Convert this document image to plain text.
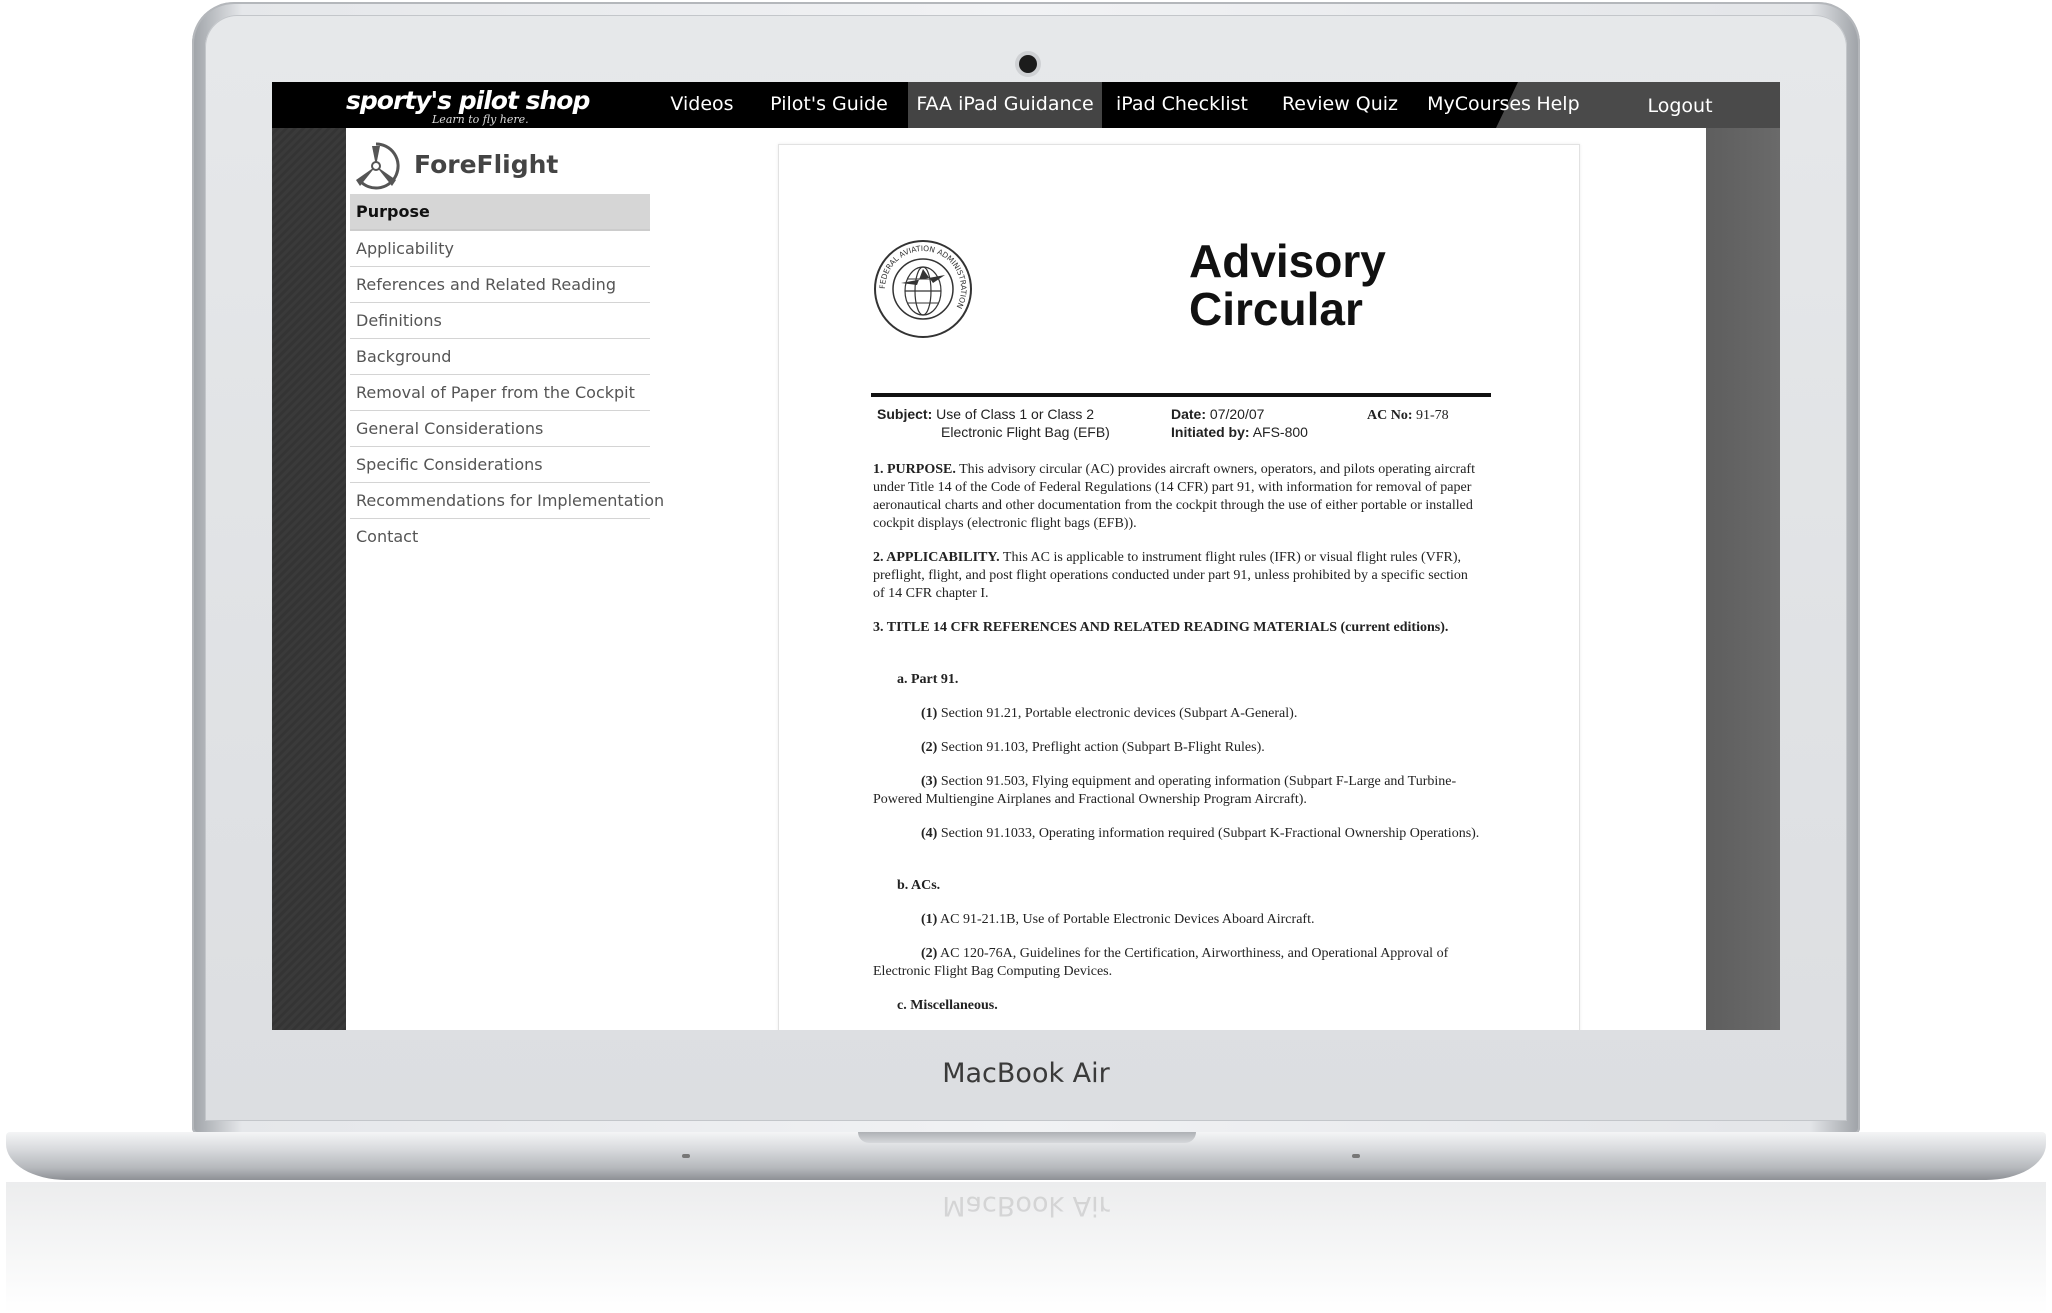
sporty's pilot shop
Learn to fly here.
Videos	Pilot's Guide	FAA iPad Guidance	iPad Checklist	Review Quiz	MyCourses Help	Logout
ForeFlight
Purpose
Applicability
References and Related Reading
Definitions
Background
Removal of Paper from the Cockpit
General Considerations
Specific Considerations
Recommendations for Implementation
Contact
FEDERAL AVIATION ADMINISTRATION
Advisory
Circular
Subject: Use of Class 1 or Class 2
Electronic Flight Bag (EFB)
Date: 07/20/07
Initiated by: AFS-800
AC No: 91-78
1. PURPOSE. This advisory circular (AC) provides aircraft owners, operators, and pilots operating aircraft under Title 14 of the Code of Federal Regulations (14 CFR) part 91, with information for removal of paper aeronautical charts and other documentation from the cockpit through the use of either portable or installed cockpit displays (electronic flight bags (EFB)).
2. APPLICABILITY. This AC is applicable to instrument flight rules (IFR) or visual flight rules (VFR), preflight, flight, and post flight operations conducted under part 91, unless prohibited by a specific section of 14 CFR chapter I.
3. TITLE 14 CFR REFERENCES AND RELATED READING MATERIALS (current editions).
a. Part 91.
(1) Section 91.21, Portable electronic devices (Subpart A-General).
(2) Section 91.103, Preflight action (Subpart B-Flight Rules).
(3) Section 91.503, Flying equipment and operating information (Subpart F-Large and Turbine-Powered Multiengine Airplanes and Fractional Ownership Program Aircraft).
(4) Section 91.1033, Operating information required (Subpart K-Fractional Ownership Operations).
b. ACs.
(1) AC 91-21.1B, Use of Portable Electronic Devices Aboard Aircraft.
(2) AC 120-76A, Guidelines for the Certification, Airworthiness, and Operational Approval of Electronic Flight Bag Computing Devices.
c. Miscellaneous.
MacBook Air
MacBook Air
